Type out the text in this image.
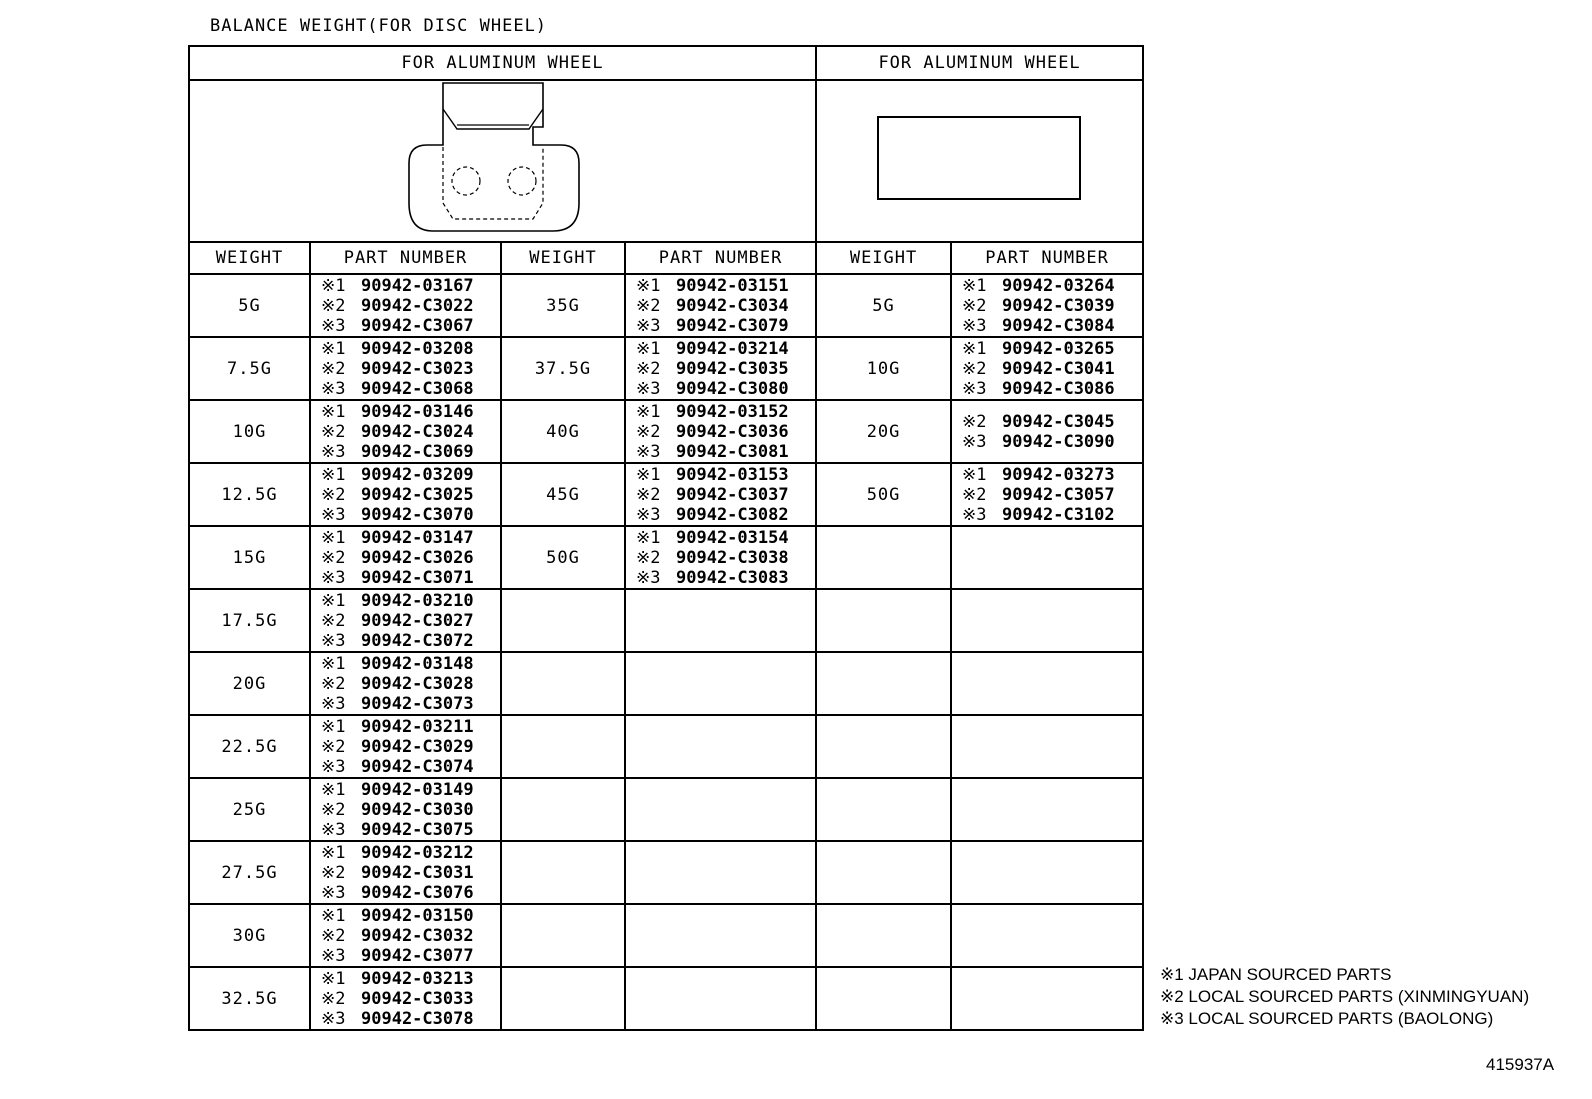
BALANCE WEIGHT(FOR DISC WHEEL)
FOR ALUMINUM WHEEL				FOR ALUMINUM WHEEL	

WEIGHT	PART NUMBER	WEIGHT	PART NUMBER	WEIGHT	PART NUMBER
5G	※1 90942-03167
※2 90942-C3022
※3 90942-C3067	35G	※1 90942-03151
※2 90942-C3034
※3 90942-C3079	5G	※1 90942-03264
※2 90942-C3039
※3 90942-C3084

7.5G	※1 90942-03208
※2 90942-C3023
※3 90942-C3068	37.5G	※1 90942-03214
※2 90942-C3035
※3 90942-C3080	10G	※1 90942-03265
※2 90942-C3041
※3 90942-C3086

10G	※1 90942-03146
※2 90942-C3024
※3 90942-C3069	40G	※1 90942-03152
※2 90942-C3036
※3 90942-C3081	20G	※2 90942-C3045
※3 90942-C3090

12.5G	※1 90942-03209
※2 90942-C3025
※3 90942-C3070	45G	※1 90942-03153
※2 90942-C3037
※3 90942-C3082	50G	※1 90942-03273
※2 90942-C3057
※3 90942-C3102

15G	※1 90942-03147
※2 90942-C3026
※3 90942-C3071	50G	※1 90942-03154
※2 90942-C3038
※3 90942-C3083		

17.5G	※1 90942-03210
※2 90942-C3027
※3 90942-C3072				

20G	※1 90942-03148
※2 90942-C3028
※3 90942-C3073				

22.5G	※1 90942-03211
※2 90942-C3029
※3 90942-C3074				

25G	※1 90942-03149
※2 90942-C3030
※3 90942-C3075				

27.5G	※1 90942-03212
※2 90942-C3031
※3 90942-C3076				

30G	※1 90942-03150
※2 90942-C3032
※3 90942-C3077				

32.5G	※1 90942-03213
※2 90942-C3033
※3 90942-C3078				

※1 JAPAN SOURCED PARTS
※2 LOCAL SOURCED PARTS (XINMINGYUAN)
※3 LOCAL SOURCED PARTS (BAOLONG)
415937A
